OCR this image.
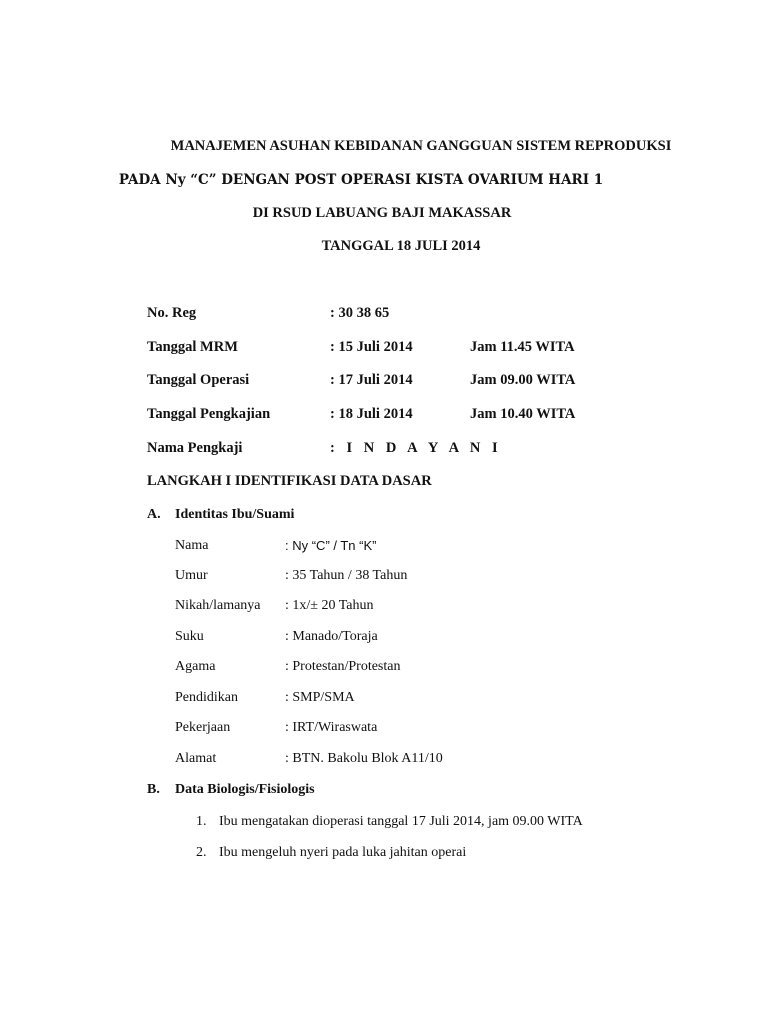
MANAJEMEN ASUHAN KEBIDANAN GANGGUAN SISTEM REPRODUKSI
PADA Ny “C” DENGAN POST OPERASI KISTA OVARIUM HARI 1
DI RSUD LABUANG BAJI MAKASSAR
TANGGAL 18 JULI 2014
No. Reg	: 30 38 65
Tanggal MRM	: 15 Juli 2014	Jam 11.45 WITA
Tanggal Operasi	: 17 Juli 2014	Jam 09.00 WITA
Tanggal Pengkajian	: 18 Juli 2014	Jam 10.40 WITA
Nama Pengkaji	: I N D A Y A N I
LANGKAH I IDENTIFIKASI DATA DASAR
A. Identitas Ibu/Suami
Nama	: Ny “C” / Tn “K”
Umur	: 35 Tahun / 38 Tahun
Nikah/lamanya : 1x/± 20 Tahun
Suku	: Manado/Toraja
Agama	: Protestan/Protestan
Pendidikan	: SMP/SMA
Pekerjaan	: IRT/Wiraswata
Alamat	: BTN. Bakolu Blok A11/10
B. Data Biologis/Fisiologis
1. Ibu mengatakan dioperasi tanggal 17 Juli 2014, jam 09.00 WITA
2. Ibu mengeluh nyeri pada luka jahitan operai
